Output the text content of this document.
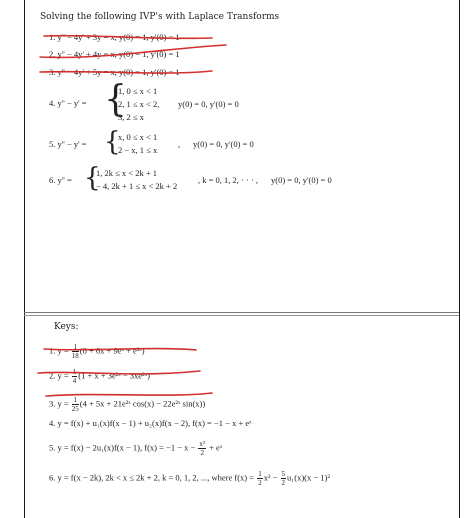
Solving the following IVP's with Laplace Transforms
1. y'' − 4y' + 3y = x, y(0) = 1, y'(0) = 1
2. y'' − 4y' + 4y = x, y(0) = 1, y'(0) = 1
3. y'' − 4y' + 5y = x, y(0) = 1, y'(0) = 1
4. y'' − y' = {
1, 0 ≤ x < 1
2, 1 ≤ x < 2,
3, 2 ≤ x
y(0) = 0, y'(0) = 0
5. y'' − y' = {
x, 0 ≤ x < 1
2 − x, 1 ≤ x
, y(0) = 0, y'(0) = 0
6. y'' = {
1, 2k ≤ x < 2k + 1
− 4, 2k + 1 ≤ x < 2k + 2
, k = 0, 1, 2, · · · , y(0) = 0, y'(0) = 0
Keys:
1. $y = \frac{1}{18} (8 + 6x$ + 9eˣ + e³ˣ)
2. $y = \frac{1}{4} (1 + x$ + 3e²ˣ − 3xe²ˣ)
3. $y = \frac{1}{25} (4 + 5x$ + 21e²ˣ cos(x) − 22e²ˣ sin(x))
4. y = f(x) + u₁(x)f(x − 1) + u₂(x)f(x − 2), f(x) = −1 − x + eˣ
5. y = f(x) − 2u₁(x)f(x − 1), $f(x) = -1 - x - \frac{\text{x²}}{2}$ + eˣ
6. y = f(x − 2k), 2k < x ≤ 2k + 2, k = 0, 1, 2, ..., where $f(x) = \frac{1}{2} x^2 - \frac{5}{2} u_1(x)(x - 1)^2$
